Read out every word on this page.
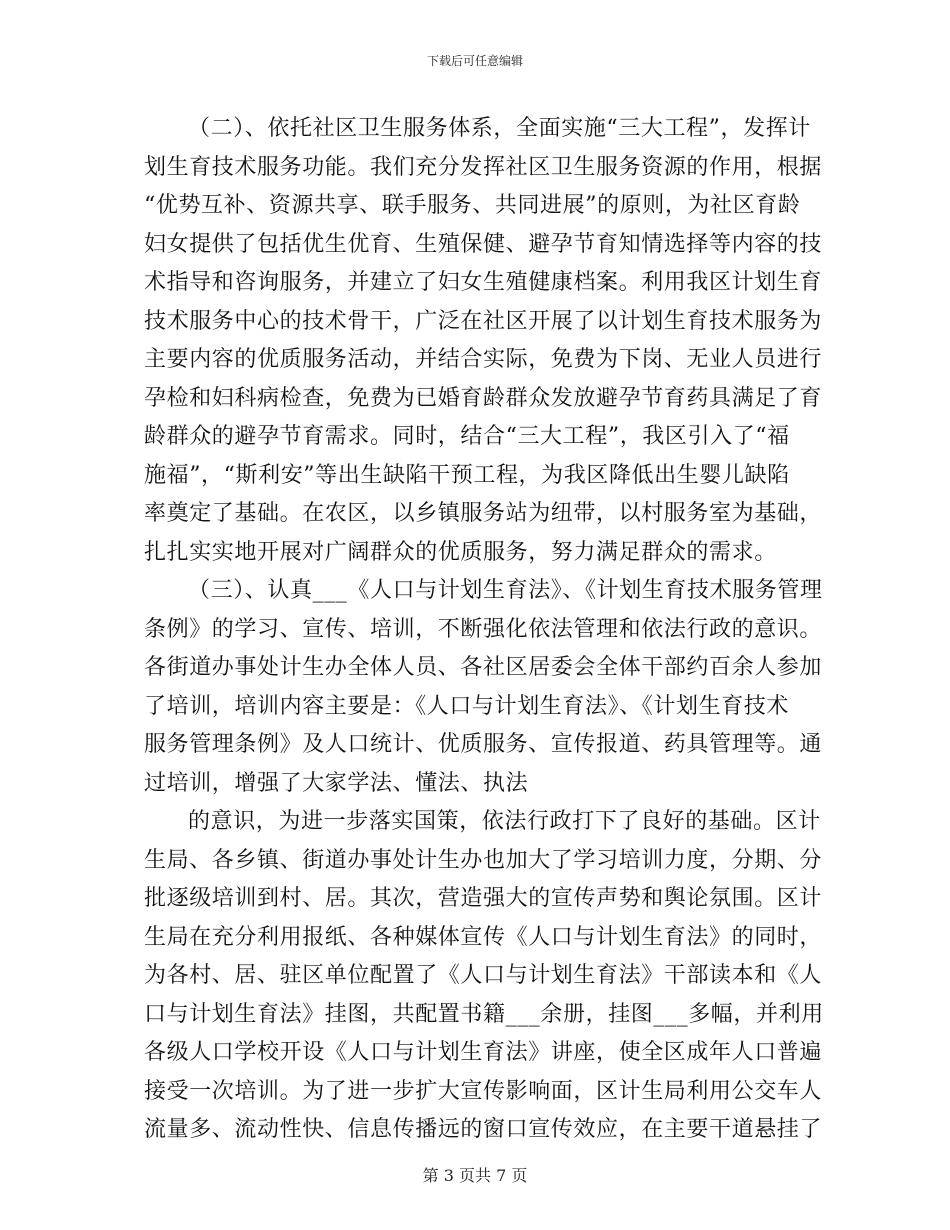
下载后可任意编辑
（二）、依托社区卫生服务体系，全面实施“三大工程”，发挥计
划生育技术服务功能。我们充分发挥社区卫生服务资源的作用，根据
“优势互补、资源共享、联手服务、共同进展”的原则，为社区育龄
妇女提供了包括优生优育、生殖保健、避孕节育知情选择等内容的技
术指导和咨询服务，并建立了妇女生殖健康档案。利用我区计划生育
技术服务中心的技术骨干，广泛在社区开展了以计划生育技术服务为
主要内容的优质服务活动，并结合实际，免费为下岗、无业人员进行
孕检和妇科病检查，免费为已婚育龄群众发放避孕节育药具满足了育
龄群众的避孕节育需求。同时，结合“三大工程”，我区引入了“福
施福”，“斯利安”等出生缺陷干预工程，为我区降低出生婴儿缺陷
率奠定了基础。在农区，以乡镇服务站为纽带，以村服务室为基础，
扎扎实实地开展对广阔群众的优质服务，努力满足群众的需求。
（三）、认真___《人口与计划生育法》、《计划生育技术服务管理
条例》的学习、宣传、培训，不断强化依法管理和依法行政的意识。
各街道办事处计生办全体人员、各社区居委会全体干部约百余人参加
了培训，培训内容主要是：《人口与计划生育法》、《计划生育技术
服务管理条例》及人口统计、优质服务、宣传报道、药具管理等。通
过培训，增强了大家学法、懂法、执法
的意识，为进一步落实国策，依法行政打下了良好的基础。区计
生局、各乡镇、街道办事处计生办也加大了学习培训力度，分期、分
批逐级培训到村、居。其次，营造强大的宣传声势和舆论氛围。区计
生局在充分利用报纸、各种媒体宣传《人口与计划生育法》的同时，
为各村、居、驻区单位配置了《人口与计划生育法》干部读本和《人
口与计划生育法》挂图，共配置书籍___余册，挂图___多幅，并利用
各级人口学校开设《人口与计划生育法》讲座，使全区成年人口普遍
接受一次培训。为了进一步扩大宣传影响面，区计生局利用公交车人
流量多、流动性快、信息传播远的窗口宣传效应，在主要干道悬挂了
第 3 页共 7 页
